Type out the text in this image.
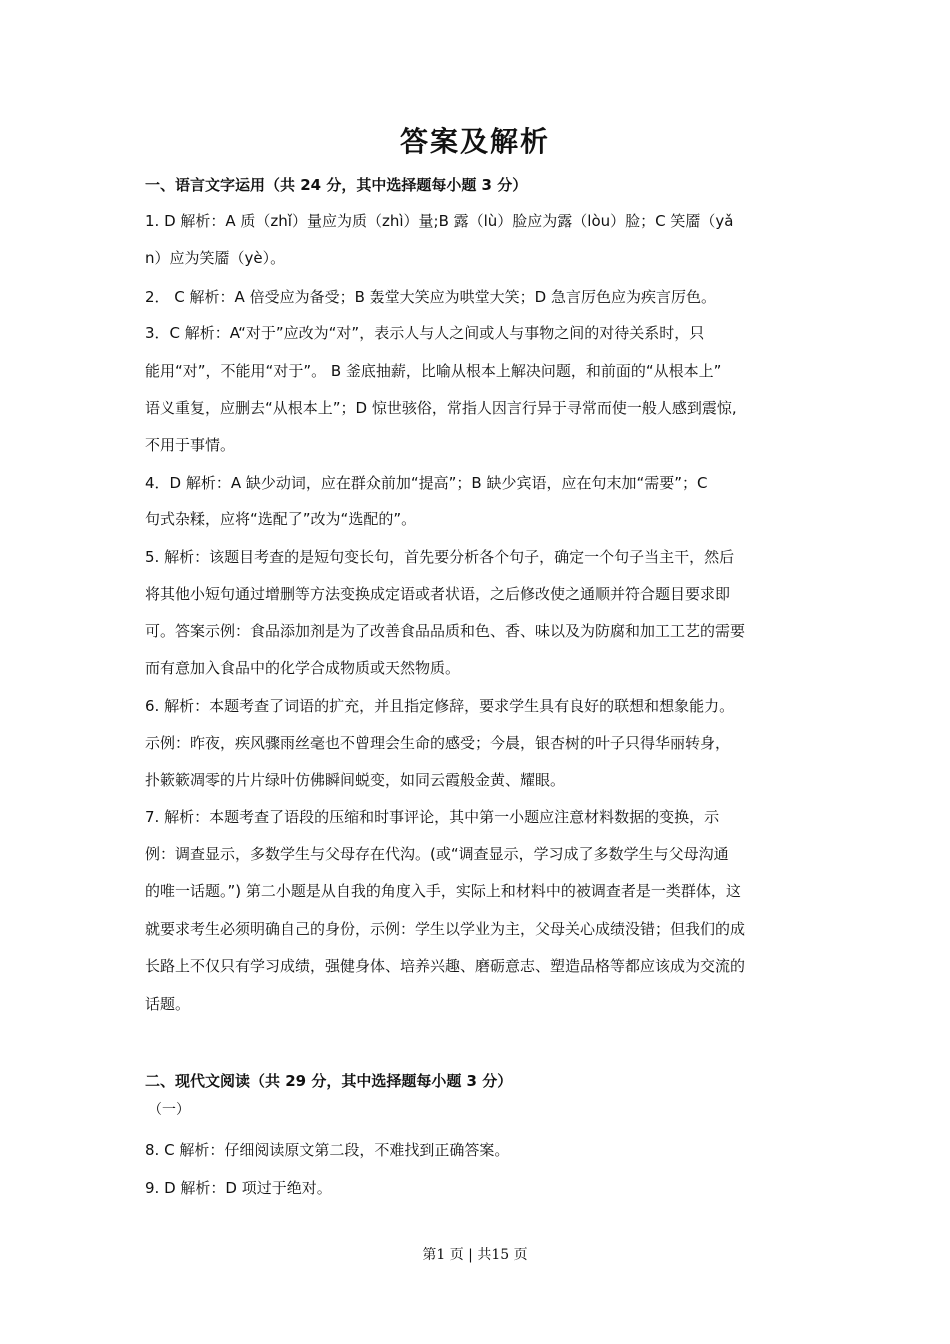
答案及解析
一、语言文字运用（共 24 分，其中选择题每小题 3 分）
1. D 解析：A 质（zhǐ）量应为质（zhì）量;B 露（lù）脸应为露（lòu）脸；C 笑靥（yǎ
n）应为笑靥（yè）。
2． C 解析：A 倍受应为备受；B 轰堂大笑应为哄堂大笑；D 急言厉色应为疾言厉色。
3．C 解析：A“对于”应改为“对”，表示人与人之间或人与事物之间的对待关系时，只
能用“对”，不能用“对于”。 B 釜底抽薪，比喻从根本上解决问题，和前面的“从根本上”
语义重复，应删去“从根本上”；D 惊世骇俗，常指人因言行异于寻常而使一般人感到震惊,
不用于事情。
4．D 解析：A 缺少动词，应在群众前加“提高”；B 缺少宾语，应在句末加“需要”；C
句式杂糅，应将“选配了”改为“选配的”。
5. 解析：该题目考查的是短句变长句，首先要分析各个句子，确定一个句子当主干，然后
将其他小短句通过增删等方法变换成定语或者状语，之后修改使之通顺并符合题目要求即
可。答案示例：食品添加剂是为了改善食品品质和色、香、味以及为防腐和加工工艺的需要
而有意加入食品中的化学合成物质或天然物质。
6. 解析：本题考查了词语的扩充，并且指定修辞，要求学生具有良好的联想和想象能力。
示例：昨夜，疾风骤雨丝毫也不曾理会生命的感受；今晨，银杏树的叶子只得华丽转身，
扑簌簌凋零的片片绿叶仿佛瞬间蜕变，如同云霞般金黄、耀眼。
7. 解析：本题考查了语段的压缩和时事评论，其中第一小题应注意材料数据的变换，示
例：调查显示，多数学生与父母存在代沟。(或“调查显示，学习成了多数学生与父母沟通
的唯一话题。”) 第二小题是从自我的角度入手，实际上和材料中的被调查者是一类群体，这
就要求考生必须明确自己的身份，示例：学生以学业为主，父母关心成绩没错；但我们的成
长路上不仅只有学习成绩，强健身体、培养兴趣、磨砺意志、塑造品格等都应该成为交流的
话题。
二、现代文阅读（共 29 分，其中选择题每小题 3 分）
（一）
8. C 解析：仔细阅读原文第二段，不难找到正确答案。
9. D 解析：D 项过于绝对。
第1 页 | 共15 页
